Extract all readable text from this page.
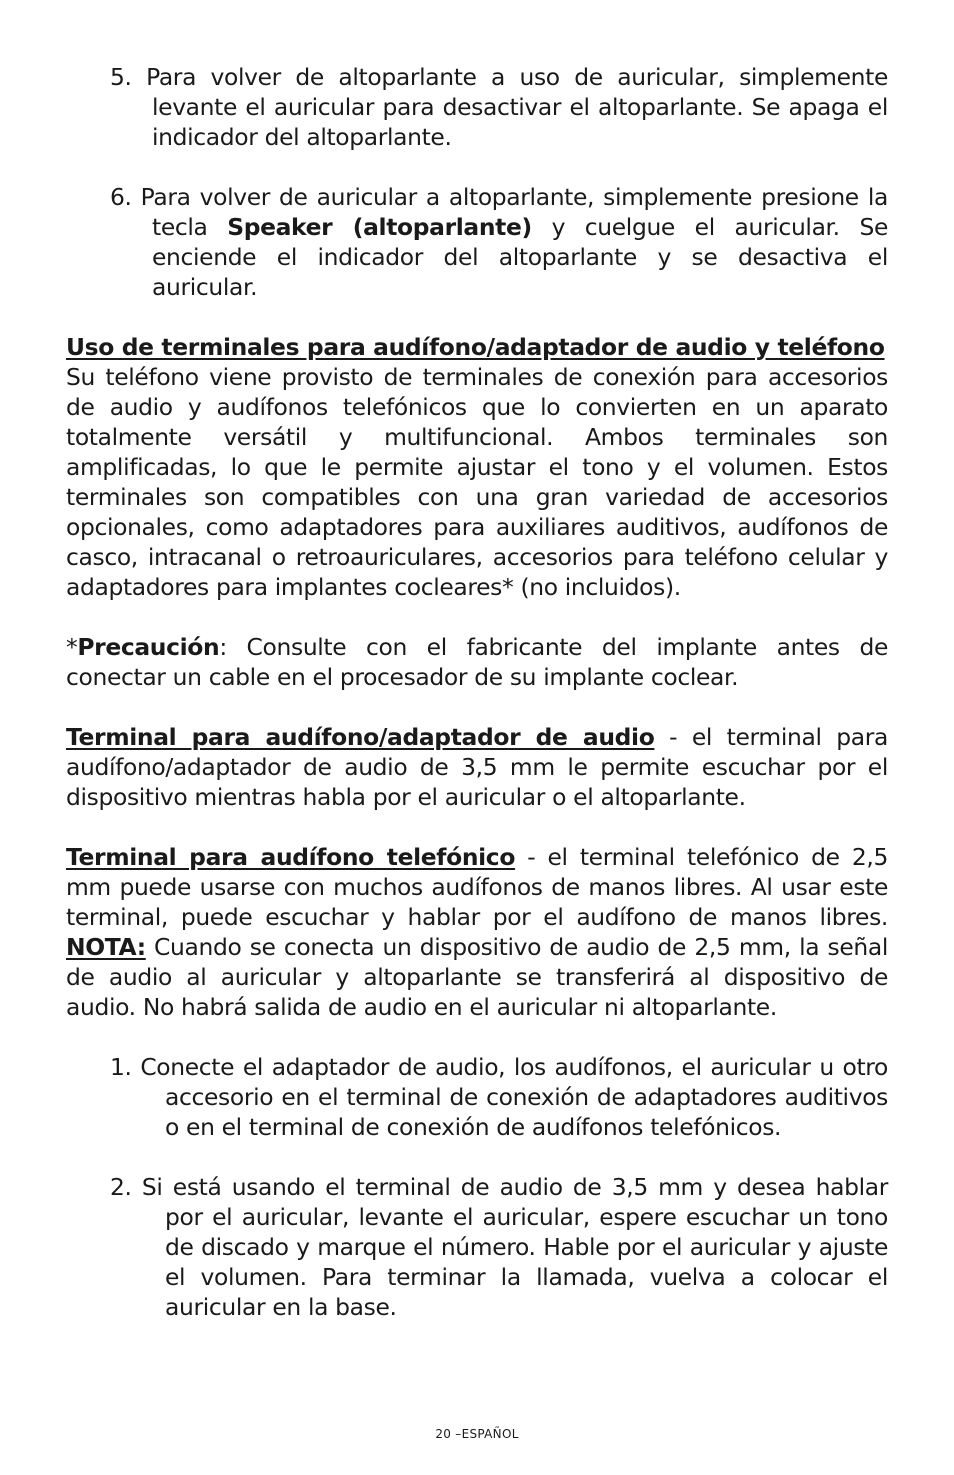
5. Para volver de altoparlante a uso de auricular, simplemente levante el auricular para desactivar el altoparlante. Se apaga el indicador del altoparlante.

6. Para volver de auricular a altoparlante, simplemente presione la tecla Speaker (altoparlante) y cuelgue el auricular. Se enciende el indicador del altoparlante y se desactiva el auricular.

Uso de terminales para audífono/adaptador de audio y teléfono

Su teléfono viene provisto de terminales de conexión para accesorios de audio y audífonos telefónicos que lo convierten en un aparato totalmente versátil y multifuncional. Ambos terminales son amplificadas, lo que le permite ajustar el tono y el volumen. Estos terminales son compatibles con una gran variedad de accesorios opcionales, como adaptadores para auxiliares auditivos, audífonos de casco, intracanal o retroauriculares, accesorios para teléfono celular y adaptadores para implantes cocleares* (no incluidos).

*Precaución: Consulte con el fabricante del implante antes de conectar un cable en el procesador de su implante coclear.

Terminal para audífono/adaptador de audio - el terminal para audífono/adaptador de audio de 3,5 mm le permite escuchar por el dispositivo mientras habla por el auricular o el altoparlante.

Terminal para audífono telefónico - el terminal telefónico de 2,5 mm puede usarse con muchos audífonos de manos libres. Al usar este terminal, puede escuchar y hablar por el audífono de manos libres. NOTA: Cuando se conecta un dispositivo de audio de 2,5 mm, la señal de audio al auricular y altoparlante se transferirá al dispositivo de audio. No habrá salida de audio en el auricular ni altoparlante.

1. Conecte el adaptador de audio, los audífonos, el auricular u otro accesorio en el terminal de conexión de adaptadores auditivos o en el terminal de conexión de audífonos telefónicos.

2. Si está usando el terminal de audio de 3,5 mm y desea hablar por el auricular, levante el auricular, espere escuchar un tono de discado y marque el número. Hable por el auricular y ajuste el volumen. Para terminar la llamada, vuelva a colocar el auricular en la base.

20 –ESPAÑOL
